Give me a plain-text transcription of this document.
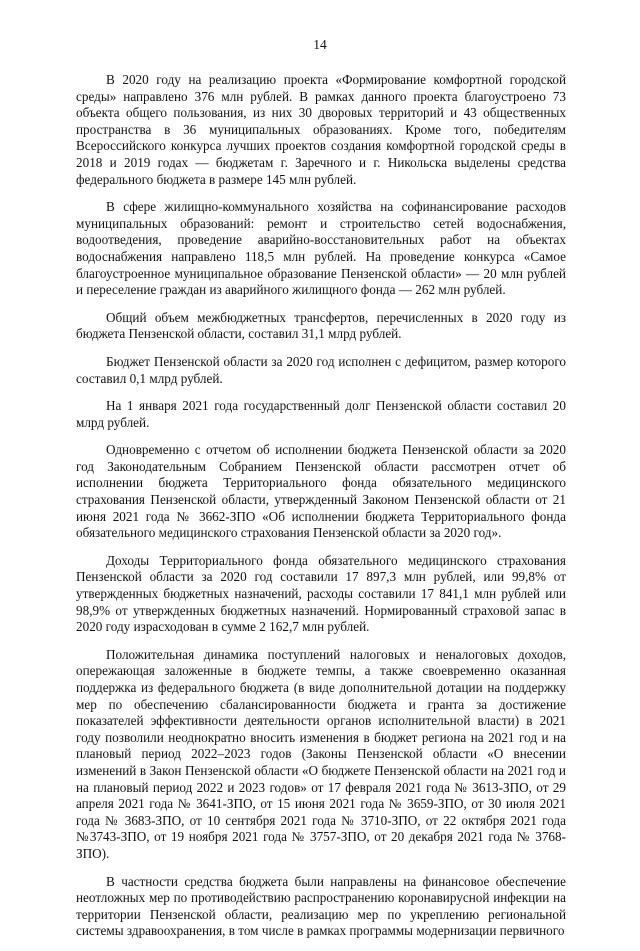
14

В 2020 году на реализацию проекта «Формирование комфортной городской среды» направлено 376 млн рублей. В рамках данного проекта благоустроено 73 объекта общего пользования, из них 30 дворовых территорий и 43 общественных пространства в 36 муниципальных образованиях. Кроме того, победителям Всероссийского конкурса лучших проектов создания комфортной городской среды в 2018 и 2019 годах — бюджетам г. Заречного и г. Никольска выделены средства федерального бюджета в размере 145 млн рублей.

В сфере жилищно-коммунального хозяйства на софинансирование расходов муниципальных образований: ремонт и строительство сетей водоснабжения, водоотведения, проведение аварийно-восстановительных работ на объектах водоснабжения направлено 118,5 млн рублей. На проведение конкурса «Самое благоустроенное муниципальное образование Пензенской области» — 20 млн рублей и переселение граждан из аварийного жилищного фонда — 262 млн рублей.

Общий объем межбюджетных трансфертов, перечисленных в 2020 году из бюджета Пензенской области, составил 31,1 млрд рублей.

Бюджет Пензенской области за 2020 год исполнен с дефицитом, размер которого составил 0,1 млрд рублей.

На 1 января 2021 года государственный долг Пензенской области составил 20 млрд рублей.

Одновременно с отчетом об исполнении бюджета Пензенской области за 2020 год Законодательным Собранием Пензенской области рассмотрен отчет об исполнении бюджета Территориального фонда обязательного медицинского страхования Пензенской области, утвержденный Законом Пензенской области от 21 июня 2021 года № 3662-ЗПО «Об исполнении бюджета Территориального фонда обязательного медицинского страхования Пензенской области за 2020 год».

Доходы Территориального фонда обязательного медицинского страхования Пензенской области за 2020 год составили 17 897,3 млн рублей, или 99,8% от утвержденных бюджетных назначений, расходы составили 17 841,1 млн рублей или 98,9% от утвержденных бюджетных назначений. Нормированный страховой запас в 2020 году израсходован в сумме 2 162,7 млн рублей.

Положительная динамика поступлений налоговых и неналоговых доходов, опережающая заложенные в бюджете темпы, а также своевременно оказанная поддержка из федерального бюджета (в виде дополнительной дотации на поддержку мер по обеспечению сбалансированности бюджета и гранта за достижение показателей эффективности деятельности органов исполнительной власти) в 2021 году позволили неоднократно вносить изменения в бюджет региона на 2021 год и на плановый период 2022–2023 годов (Законы Пензенской области «О внесении изменений в Закон Пензенской области «О бюджете Пензенской области на 2021 год и на плановый период 2022 и 2023 годов» от 17 февраля 2021 года № 3613-ЗПО, от 29 апреля 2021 года № 3641-ЗПО, от 15 июня 2021 года № 3659-ЗПО, от 30 июля 2021 года № 3683-ЗПО, от 10 сентября 2021 года № 3710-ЗПО, от 22 октября 2021 года №3743-ЗПО, от 19 ноября 2021 года № 3757-ЗПО, от 20 декабря 2021 года № 3768-ЗПО).

В частности средства бюджета были направлены на финансовое обеспечение неотложных мер по противодействию распространению коронавирусной инфекции на территории Пензенской области, реализацию мер по укреплению региональной системы здравоохранения, в том числе в рамках программы модернизации первичного
